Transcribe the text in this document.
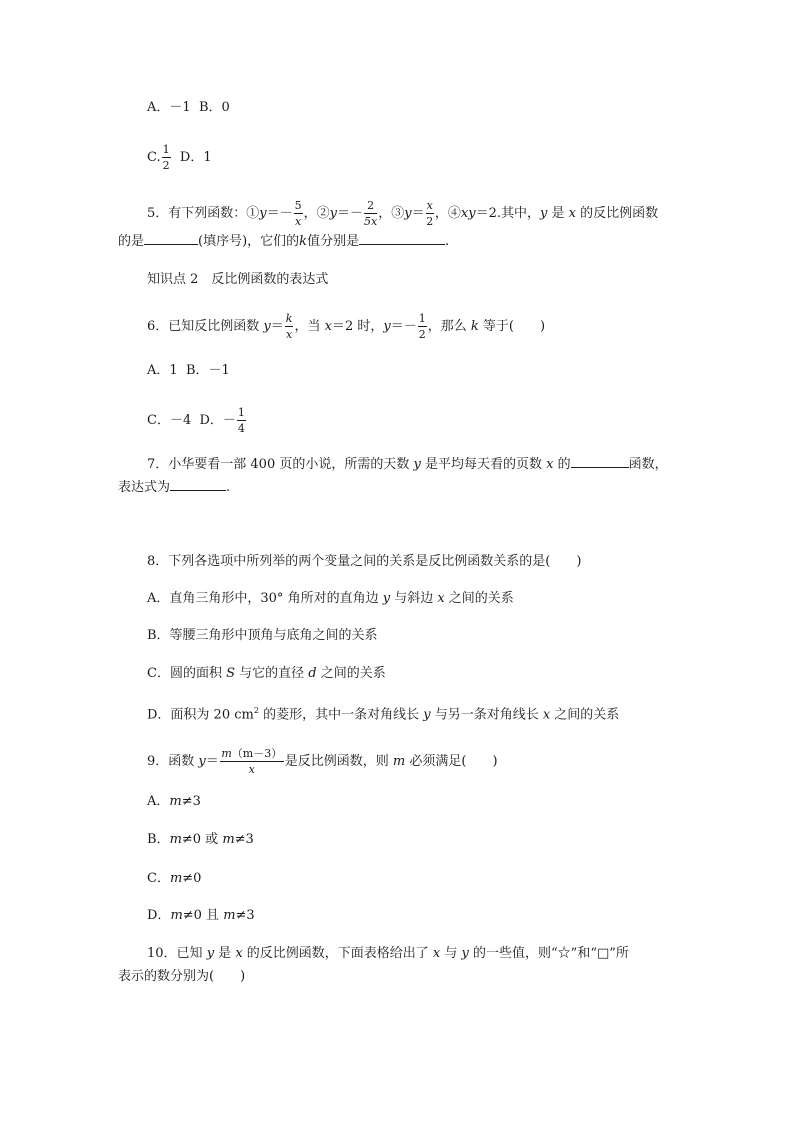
A．－1 B．0
C. $\frac{1}{2}$ D．1
5．有下列函数：①y＝－ $\frac{5}{x}$ ，②y＝－ $\frac{2}{5x}$ ，③y＝ $\frac{x}{2}$ ，④xy＝2.其中，y 是 x 的反比例函数
的是	(填序号)，它们的k值分别是	.
知识点 2　反比例函数的表达式
6．已知反比例函数 $y= \frac{k}{x}$ ，当 x＝2 时，$y=- \frac{1}{2}$ ，那么 k 等于(　　)
A．1 B．－1
C．－4 D．－ $\frac{1}{4}$
7．小华要看一部 400 页的小说，所需的天数 y 是平均每天看的页数 x 的	函数，
表达式为	.
8．下列各选项中所列举的两个变量之间的关系是反比例函数关系的是(　　)
A．直角三角形中，30° 角所对的直角边 y 与斜边 x 之间的关系
B．等腰三角形中顶角与底角之间的关系
C．圆的面积 S 与它的直径 d 之间的关系
D．面积为 20 $cm^2$ 的菱形，其中一条对角线长 y 与另一条对角线长 x 之间的关系
9．函数 $y= \frac{m(m-3)}{x}$ 是反比例函数，则 m 必须满足(　　)
A．m≠3
B．m≠0 或 m≠3
C．m≠0
D．m≠0 且 m≠3
10．已知 y 是 x 的反比例函数，下面表格给出了 x 与 y 的一些值，则“☆”和“□”所
表示的数分别为(　　)
